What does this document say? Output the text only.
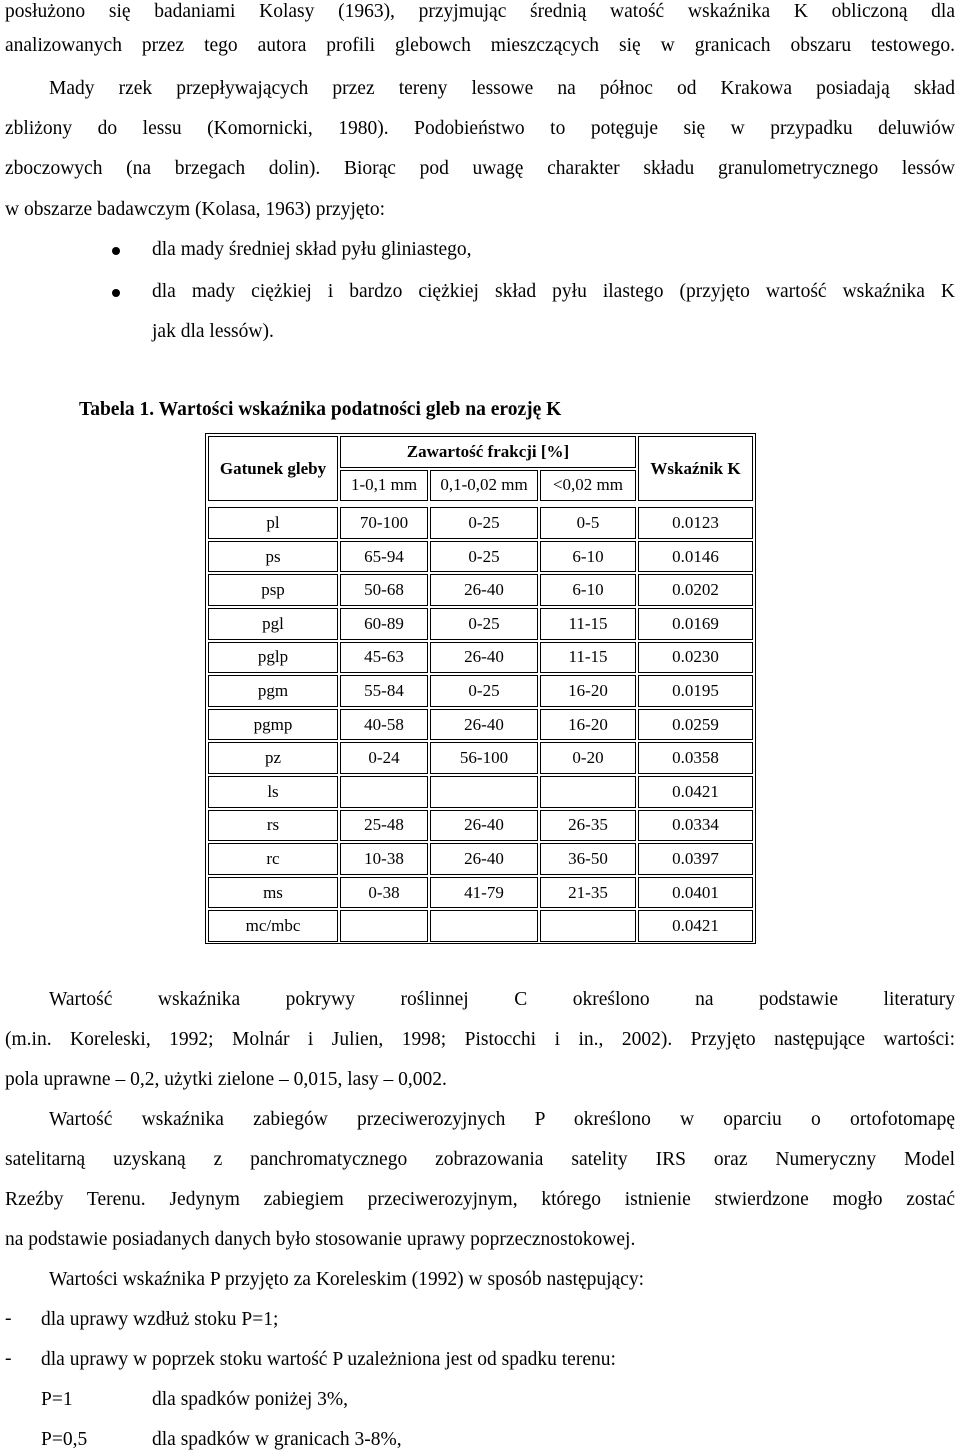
posłużono się badaniami Kolasy (1963), przyjmując średnią watość wskaźnika K obliczoną dla
analizowanych przez tego autora profili glebowch mieszczących się w granicach obszaru testowego.
Mady rzek przepływających przez tereny lessowe na północ od Krakowa posiadają skład
zbliżony do lessu (Komornicki, 1980). Podobieństwo to potęguje się w przypadku deluwiów
zboczowych (na brzegach dolin). Biorąc pod uwagę charakter składu granulometrycznego lessów
w obszarze badawczym (Kolasa, 1963) przyjęto:
dla mady średniej skład pyłu gliniastego,
dla mady ciężkiej i bardzo ciężkiej skład pyłu ilastego (przyjęto wartość wskaźnika K
jak dla lessów).
Tabela 1. Wartości wskaźnika podatności gleb na erozję K
Gatunek gleby	Zawartość frakcji [%]			Wskaźnik K
	1-0,1 mm	0,1-0,02 mm	<0,02 mm	

pl	70-100	0-25	0-5	0.0123
ps	65-94	0-25	6-10	0.0146
psp	50-68	26-40	6-10	0.0202
pgl	60-89	0-25	11-15	0.0169
pglp	45-63	26-40	11-15	0.0230
pgm	55-84	0-25	16-20	0.0195
pgmp	40-58	26-40	16-20	0.0259
pz	0-24	56-100	0-20	0.0358
ls				0.0421
rs	25-48	26-40	26-35	0.0334
rc	10-38	26-40	36-50	0.0397
ms	0-38	41-79	21-35	0.0401
mc/mbc				0.0421
Wartość wskaźnika pokrywy roślinnej C określono na podstawie literatury
(m.in. Koreleski, 1992; Molnár i Julien, 1998; Pistocchi i in., 2002). Przyjęto następujące wartości:
pola uprawne – 0,2, użytki zielone – 0,015, lasy – 0,002.
Wartość wskaźnika zabiegów przeciwerozyjnych P określono w oparciu o ortofotomapę
satelitarną uzyskaną z panchromatycznego zobrazowania satelity IRS oraz Numeryczny Model
Rzeźby Terenu. Jedynym zabiegiem przeciwerozyjnym, którego istnienie stwierdzone mogło zostać
na podstawie posiadanych danych było stosowanie uprawy poprzecznostokowej.
Wartości wskaźnika P przyjęto za Koreleskim (1992) w sposób następujący:
- dla uprawy wzdłuż stoku P=1;
- dla uprawy w poprzek stoku wartość P uzależniona jest od spadku terenu:
P=1	dla spadków poniżej 3%,
P=0,5	dla spadków w granicach 3-8%,
